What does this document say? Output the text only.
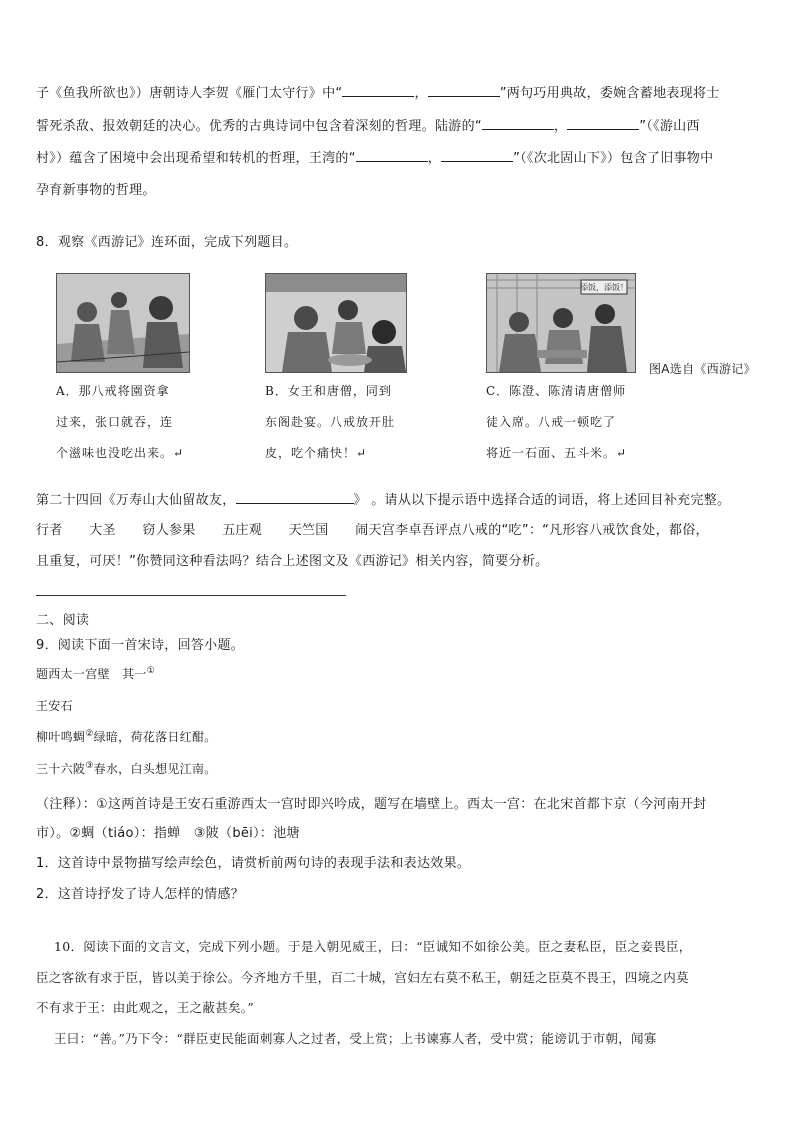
子《鱼我所欲也》）唐朝诗人李贺《雁门太守行》中“	，	”两句巧用典故，委婉含蓄地表现将士
誓死杀敌、报效朝廷的决心。优秀的古典诗词中包含着深刻的哲理。陆游的“	，	”（《游山西
村》）蕴含了困境中会出现希望和转机的哲理，王湾的“	，	”（《次北固山下》）包含了旧事物中
孕育新事物的哲理。
8．观察《西游记》连环面，完成下列题目。
添饭，添饭！
图A选自《西游记》
A．那八戒将園资拿
过来，张口就吞，连
个滋味也没吃出来。↵
B．女王和唐僧，同到
东阁赴宴。八戒放开肚
皮，吃个痛快！↵
C．陈澄、陈清请唐僧师
徒入席。八戒一顿吃了
将近一石面、五斗米。↵
第二十四回《万寿山大仙留故友，	》 。请从以下提示语中选择合适的词语，将上述回目补充完整。
行者　　大圣　　窃人参果　　五庄观　　天竺国　　闹天宫李卓吾评点八戒的“吃”：“凡形容八戒饮食处，都俗，
且重复，可厌！”你赞同这种看法吗？结合上述图文及《西游记》相关内容，简要分析。
二、阅读
9．阅读下面一首宋诗，回答小题。
题西太一宫壁　其一①
王安石
柳叶鸣蜩②绿暗，荷花落日红酣。
三十六陂③春水，白头想见江南。
（注释）：①这两首诗是王安石重游西太一宫时即兴吟成，题写在墙壁上。西太一宫：在北宋首都卞京（今河南开封
市）。②蜩（tiáo）：指蝉　③陂（bēi）：池塘
1．这首诗中景物描写绘声绘色，请赏析前两句诗的表现手法和表达效果。
2．这首诗抒发了诗人怎样的情感？
10．阅读下面的文言文，完成下列小题。于是入朝见威王，曰：“臣诚知不如徐公美。臣之妻私臣，臣之妾畏臣，
臣之客欲有求于臣，皆以美于徐公。今齐地方千里，百二十城，宫妇左右莫不私王，朝廷之臣莫不畏王，四境之内莫
不有求于王：由此观之，王之蔽甚矣。”
王曰：“善。”乃下令：“群臣吏民能面刺寡人之过者，受上赏；上书谏寡人者，受中赏；能谤讥于市朝，闻寡
